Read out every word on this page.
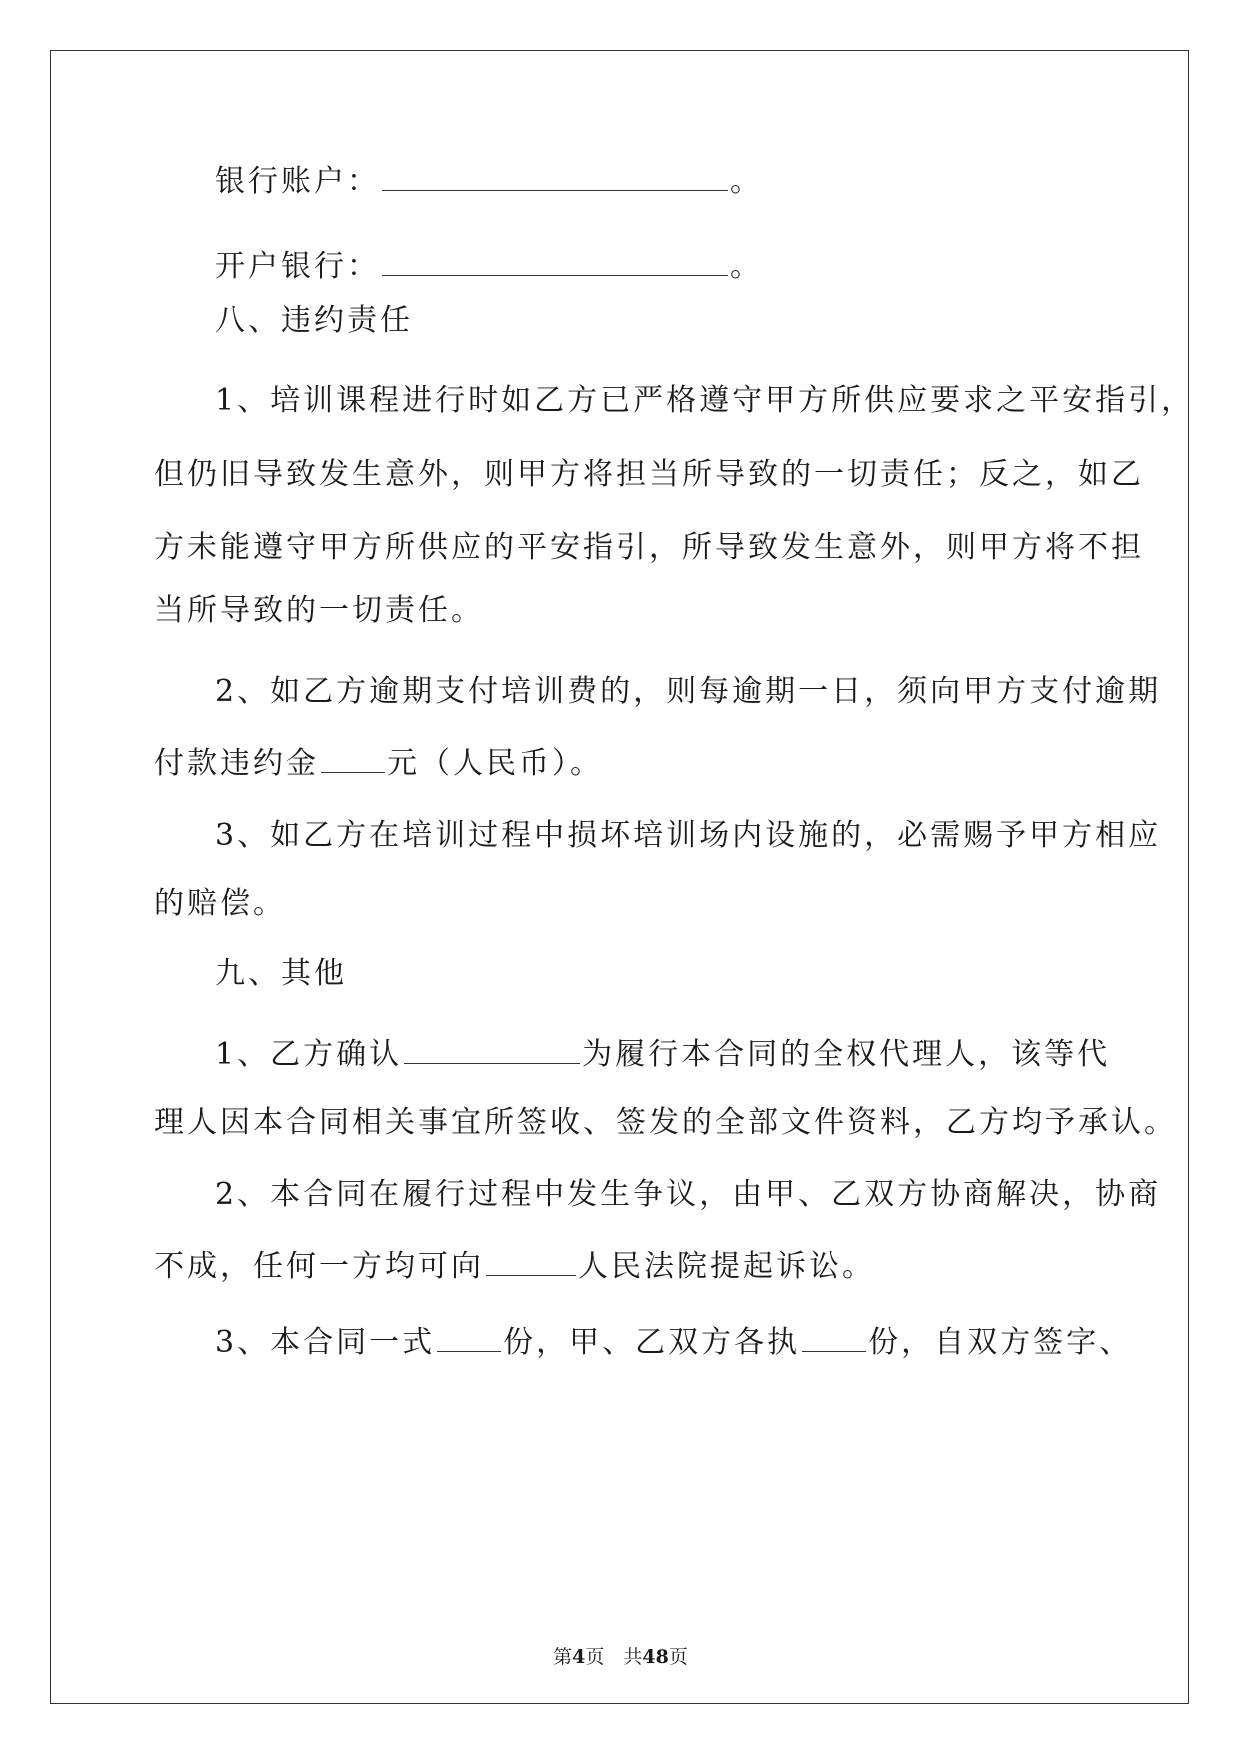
银行账户：	。
开户银行：	。
八、违约责任
1、培训课程进行时如乙方已严格遵守甲方所供应要求之平安指引，
但仍旧导致发生意外，则甲方将担当所导致的一切责任；反之，如乙
方未能遵守甲方所供应的平安指引，所导致发生意外，则甲方将不担
当所导致的一切责任。
2、如乙方逾期支付培训费的，则每逾期一日，须向甲方支付逾期
付款违约金 元（人民币）。
3、如乙方在培训过程中损坏培训场内设施的，必需赐予甲方相应
的赔偿。
九、其他
1、乙方确认	为履行本合同的全权代理人，该等代
理人因本合同相关事宜所签收、签发的全部文件资料，乙方均予承认。
2、本合同在履行过程中发生争议，由甲、乙双方协商解决，协商
不成，任何一方均可向	人民法院提起诉讼。
3、本合同一式 份，甲、乙双方各执 份，自双方签字、
第4页　共48页
